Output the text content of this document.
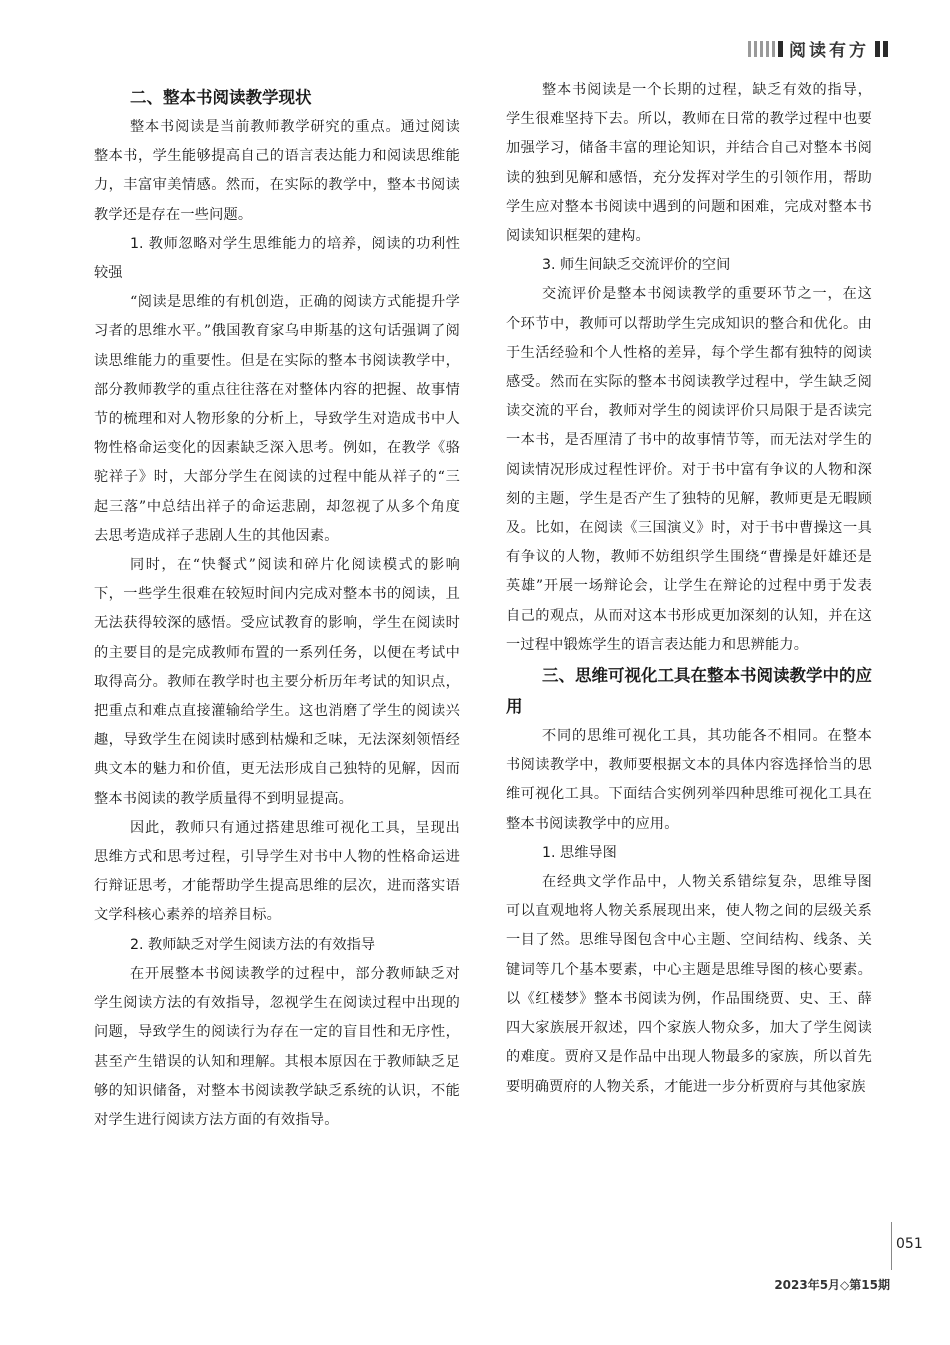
阅读有方

二、整本书阅读教学现状

整本书阅读是当前教师教学研究的重点。通过阅读整本书，学生能够提高自己的语言表达能力和阅读思维能力，丰富审美情感。然而，在实际的教学中，整本书阅读教学还是存在一些问题。

1. 教师忽略对学生思维能力的培养，阅读的功利性较强

“阅读是思维的有机创造，正确的阅读方式能提升学习者的思维水平。”俄国教育家乌申斯基的这句话强调了阅读思维能力的重要性。但是在实际的整本书阅读教学中，部分教师教学的重点往往落在对整体内容的把握、故事情节的梳理和对人物形象的分析上，导致学生对造成书中人物性格命运变化的因素缺乏深入思考。例如，在教学《骆驼祥子》时，大部分学生在阅读的过程中能从祥子的“三起三落”中总结出祥子的命运悲剧，却忽视了从多个角度去思考造成祥子悲剧人生的其他因素。

同时，在“快餐式”阅读和碎片化阅读模式的影响下，一些学生很难在较短时间内完成对整本书的阅读，且无法获得较深的感悟。受应试教育的影响，学生在阅读时的主要目的是完成教师布置的一系列任务，以便在考试中取得高分。教师在教学时也主要分析历年考试的知识点，把重点和难点直接灌输给学生。这也消磨了学生的阅读兴趣，导致学生在阅读时感到枯燥和乏味，无法深刻领悟经典文本的魅力和价值，更无法形成自己独特的见解，因而整本书阅读的教学质量得不到明显提高。

因此，教师只有通过搭建思维可视化工具，呈现出思维方式和思考过程，引导学生对书中人物的性格命运进行辩证思考，才能帮助学生提高思维的层次，进而落实语文学科核心素养的培养目标。

2. 教师缺乏对学生阅读方法的有效指导

在开展整本书阅读教学的过程中，部分教师缺乏对学生阅读方法的有效指导，忽视学生在阅读过程中出现的问题，导致学生的阅读行为存在一定的盲目性和无序性，甚至产生错误的认知和理解。其根本原因在于教师缺乏足够的知识储备，对整本书阅读教学缺乏系统的认识，不能对学生进行阅读方法方面的有效指导。

整本书阅读是一个长期的过程，缺乏有效的指导，学生很难坚持下去。所以，教师在日常的教学过程中也要加强学习，储备丰富的理论知识，并结合自己对整本书阅读的独到见解和感悟，充分发挥对学生的引领作用，帮助学生应对整本书阅读中遇到的问题和困难，完成对整本书阅读知识框架的建构。

3. 师生间缺乏交流评价的空间

交流评价是整本书阅读教学的重要环节之一，在这个环节中，教师可以帮助学生完成知识的整合和优化。由于生活经验和个人性格的差异，每个学生都有独特的阅读感受。然而在实际的整本书阅读教学过程中，学生缺乏阅读交流的平台，教师对学生的阅读评价只局限于是否读完一本书，是否厘清了书中的故事情节等，而无法对学生的阅读情况形成过程性评价。对于书中富有争议的人物和深刻的主题，学生是否产生了独特的见解，教师更是无暇顾及。比如，在阅读《三国演义》时，对于书中曹操这一具有争议的人物，教师不妨组织学生围绕“曹操是奸雄还是英雄”开展一场辩论会，让学生在辩论的过程中勇于发表自己的观点，从而对这本书形成更加深刻的认知，并在这一过程中锻炼学生的语言表达能力和思辨能力。

三、思维可视化工具在整本书阅读教学中的应用

不同的思维可视化工具，其功能各不相同。在整本书阅读教学中，教师要根据文本的具体内容选择恰当的思维可视化工具。下面结合实例列举四种思维可视化工具在整本书阅读教学中的应用。

1. 思维导图

在经典文学作品中，人物关系错综复杂，思维导图可以直观地将人物关系展现出来，使人物之间的层级关系一目了然。思维导图包含中心主题、空间结构、线条、关键词等几个基本要素，中心主题是思维导图的核心要素。以《红楼梦》整本书阅读为例，作品围绕贾、史、王、薛四大家族展开叙述，四个家族人物众多，加大了学生阅读的难度。贾府又是作品中出现人物最多的家族，所以首先要明确贾府的人物关系，才能进一步分析贾府与其他家族

051
2023年5月◇第15期
